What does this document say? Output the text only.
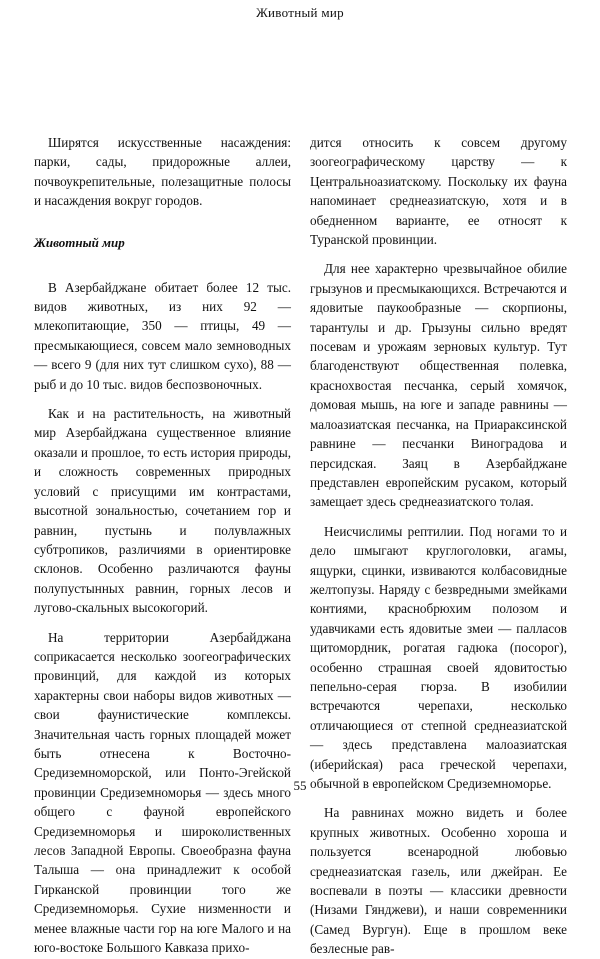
Животный мир

Ширятся искусственные насаждения: парки, сады, придорожные аллеи, почвоукрепительные, полезащитные полосы и насаждения вокруг городов.

Животный мир

В Азербайджане обитает более 12 тыс. видов животных, из них 92 — млекопитающие, 350 — птицы, 49 — пресмыкающиеся, совсем мало земноводных — всего 9 (для них тут слишком сухо), 88 — рыб и до 10 тыс. видов беспозвоночных.

Как и на растительность, на животный мир Азербайджана существенное влияние оказали и прошлое, то есть история природы, и сложность современных природных условий с присущими им контрастами, высотной зональностью, сочетанием гор и равнин, пустынь и полувлажных субтропиков, различиями в ориентировке склонов. Особенно различаются фауны полупустынных равнин, горных лесов и лугово-скальных высокогорий.

На территории Азербайджана соприкасается несколько зоогеографических провинций, для каждой из которых характерны свои наборы видов животных — свои фаунистические комплексы. Значительная часть горных площадей может быть отнесена к Восточно-Средиземноморской, или Понто-Эгейской провинции Средиземноморья — здесь много общего с фауной европейского Средиземноморья и широколиственных лесов Западной Европы. Своеобразна фауна Талыша — она принадлежит к особой Гирканской провинции того же Средиземноморья. Сухие низменности и менее влажные части гор на юге Малого и на юго-востоке Большого Кавказа прихо-

дится относить к совсем другому зоогеографическому царству — к Центральноазиатскому. Поскольку их фауна напоминает среднеазиатскую, хотя и в обедненном варианте, ее относят к Туранской провинции.

Для нее характерно чрезвычайное обилие грызунов и пресмыкающихся. Встречаются и ядовитые паукообразные — скорпионы, тарантулы и др. Грызуны сильно вредят посевам и урожаям зерновых культур. Тут благоденствуют общественная полевка, краснохвостая песчанка, серый хомячок, домовая мышь, на юге и западе равнины — малоазиатская песчанка, на Приараксинской равнине — песчанки Виноградова и персидская. Заяц в Азербайджане представлен европейским русаком, который замещает здесь среднеазиатского толая.

Неисчислимы рептилии. Под ногами то и дело шмыгают круглоголовки, агамы, ящурки, сцинки, извиваются колбасовидные желтопузы. Наряду с безвредными змейками контиями, краснобрюхим полозом и удавчиками есть ядовитые змеи — палласов щитомордник, рогатая гадюка (посорог), особенно страшная своей ядовитостью пепельно-серая гюрза. В изобилии встречаются черепахи, несколько отличающиеся от степной среднеазиатской — здесь представлена малоазиатская (иберийская) раса греческой черепахи, обычной в европейском Средиземноморье.

На равнинах можно видеть и более крупных животных. Особенно хороша и пользуется всенародной любовью среднеазиатская газель, или джейран. Ее воспевали в поэты — классики древности (Низами Гянджеви), и наши современники (Самед Вургун). Еще в прошлом веке безлесные рав-

55
